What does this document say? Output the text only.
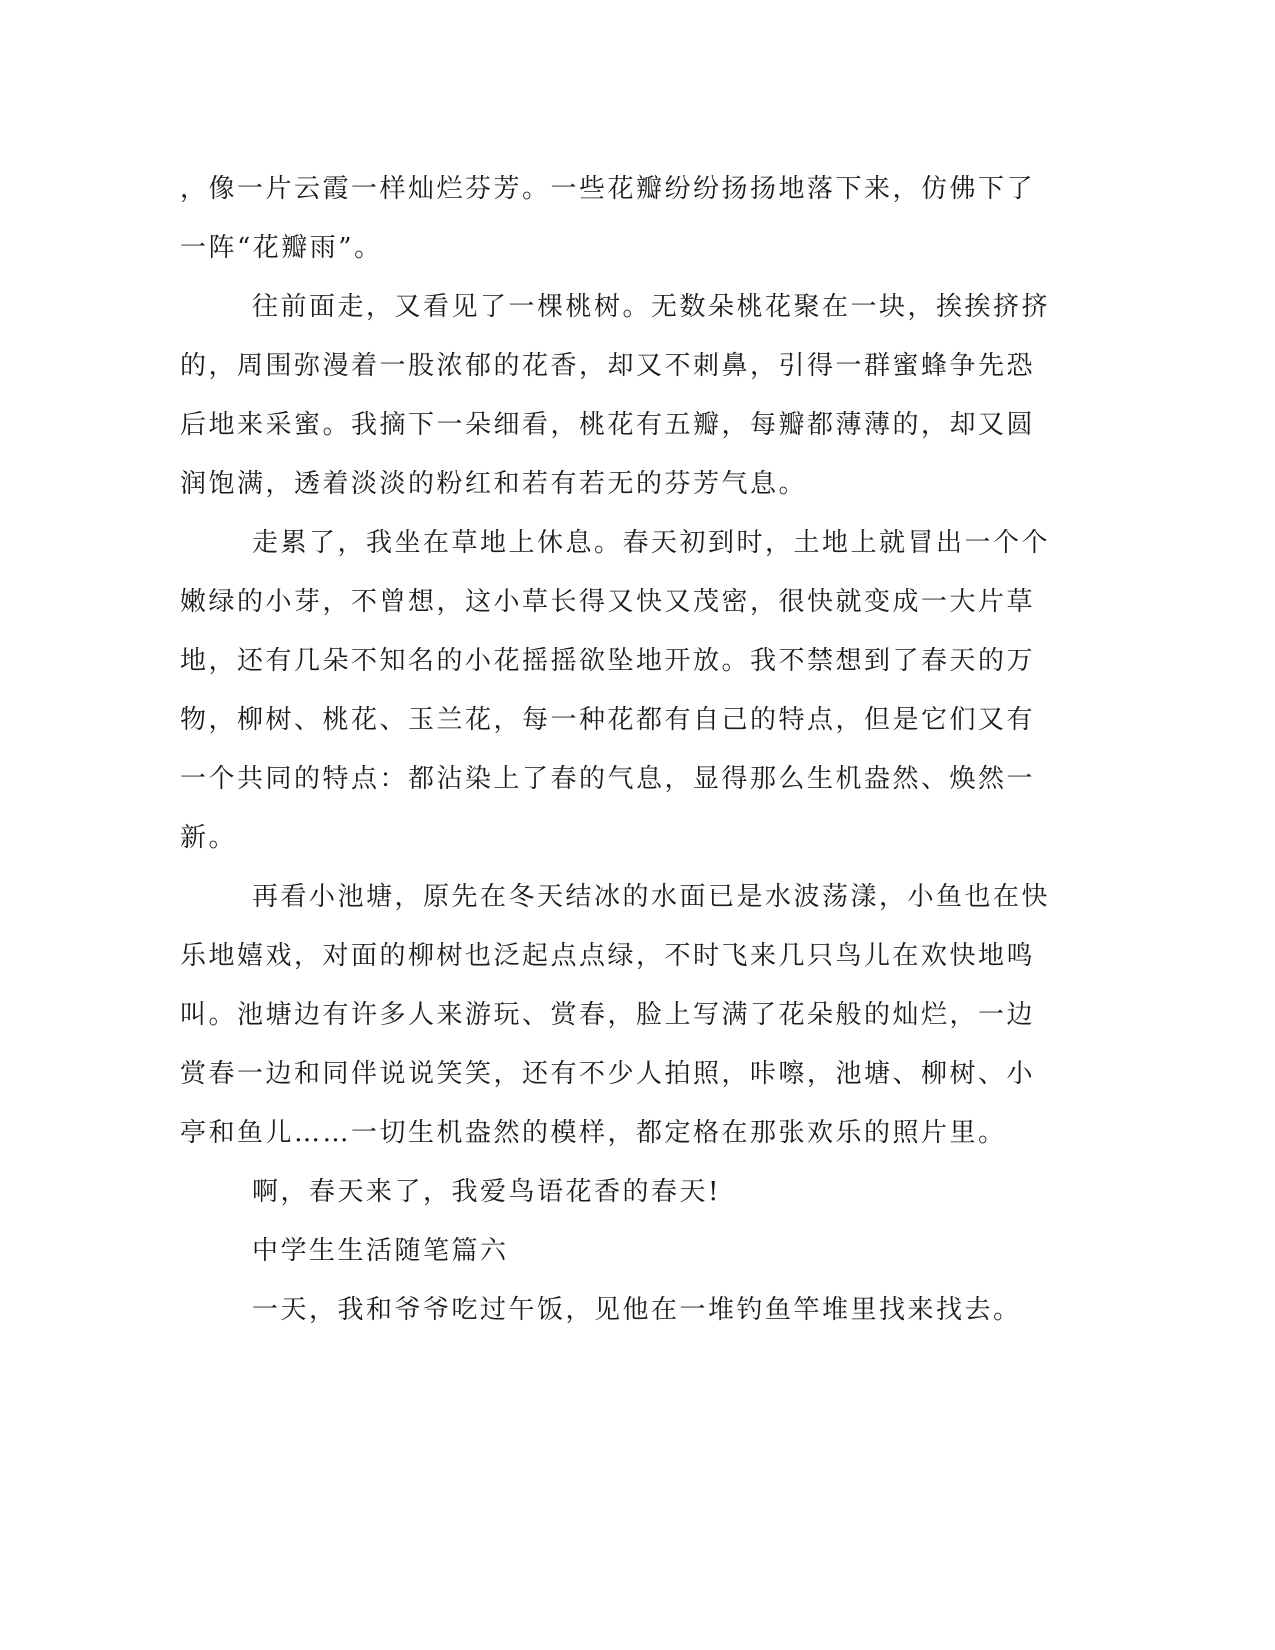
，像一片云霞一样灿烂芬芳。一些花瓣纷纷扬扬地落下来，仿佛下了
一阵“花瓣雨”。

往前面走，又看见了一棵桃树。无数朵桃花聚在一块，挨挨挤挤
的，周围弥漫着一股浓郁的花香，却又不刺鼻，引得一群蜜蜂争先恐
后地来采蜜。我摘下一朵细看，桃花有五瓣，每瓣都薄薄的，却又圆
润饱满，透着淡淡的粉红和若有若无的芬芳气息。

走累了，我坐在草地上休息。春天初到时，土地上就冒出一个个
嫩绿的小芽，不曾想，这小草长得又快又茂密，很快就变成一大片草
地，还有几朵不知名的小花摇摇欲坠地开放。我不禁想到了春天的万
物，柳树、桃花、玉兰花，每一种花都有自己的特点，但是它们又有
一个共同的特点：都沾染上了春的气息，显得那么生机盎然、焕然一
新。

再看小池塘，原先在冬天结冰的水面已是水波荡漾，小鱼也在快
乐地嬉戏，对面的柳树也泛起点点绿，不时飞来几只鸟儿在欢快地鸣
叫。池塘边有许多人来游玩、赏春，脸上写满了花朵般的灿烂，一边
赏春一边和同伴说说笑笑，还有不少人拍照，咔嚓，池塘、柳树、小
亭和鱼儿……一切生机盎然的模样，都定格在那张欢乐的照片里。

啊，春天来了，我爱鸟语花香的春天!

中学生生活随笔篇六

一天，我和爷爷吃过午饭，见他在一堆钓鱼竿堆里找来找去。
